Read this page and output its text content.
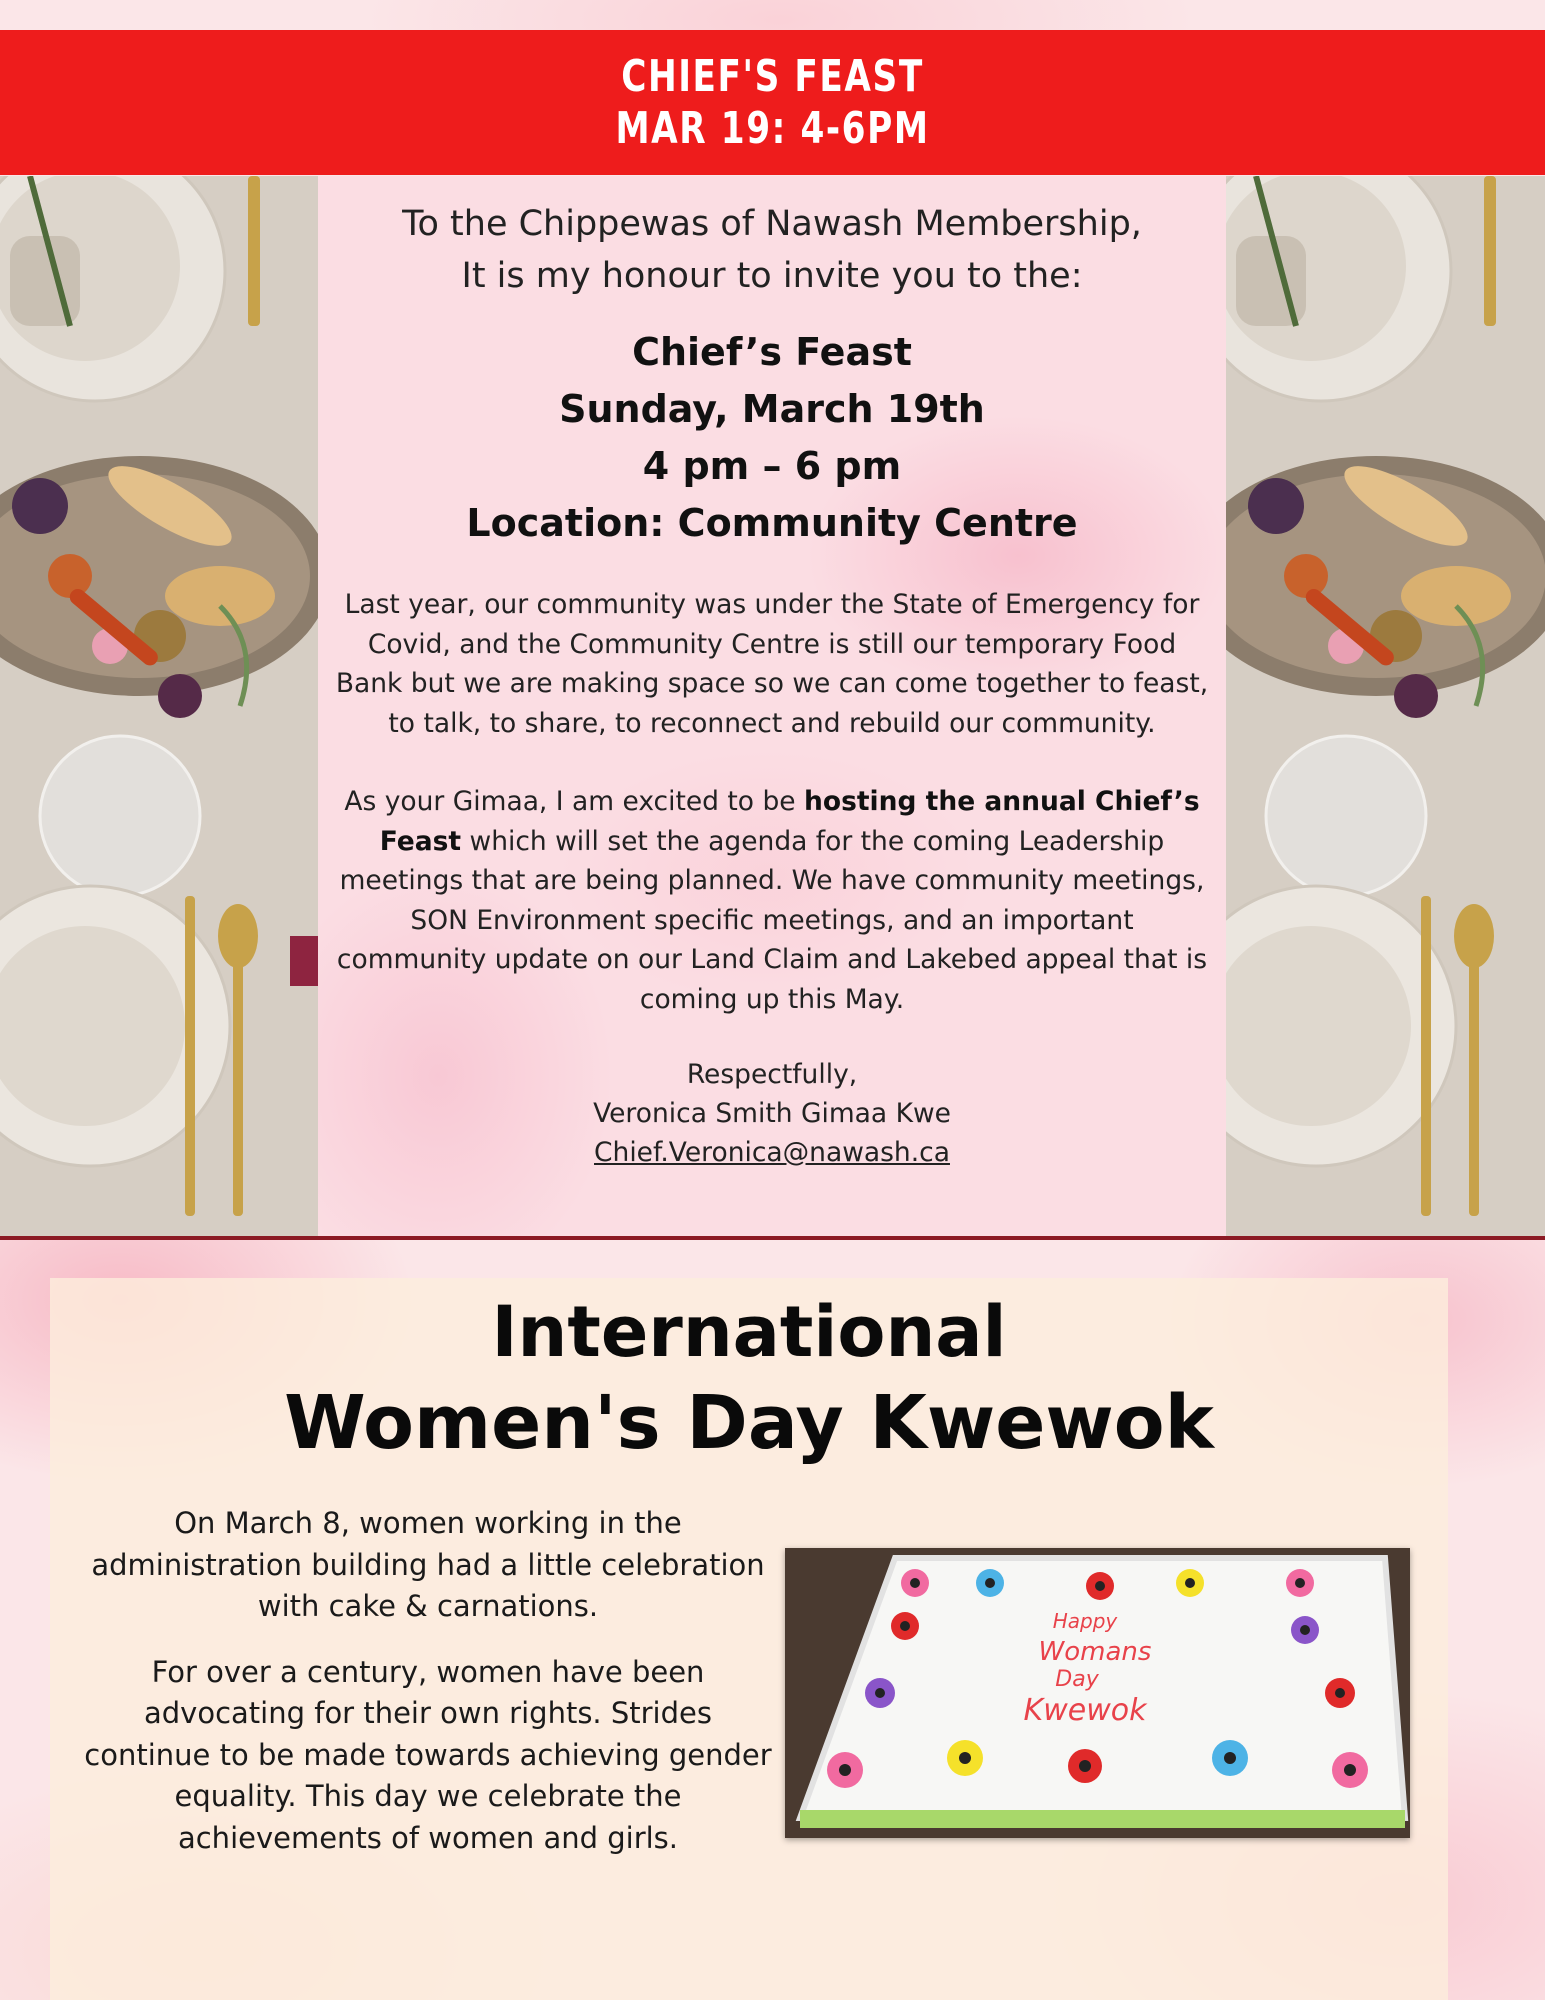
CHIEF'S FEAST
MAR 19: 4-6PM
To the Chippewas of Nawash Membership,
It is my honour to invite you to the:
Chief’s Feast
Sunday, March 19th
4 pm – 6 pm
Location: Community Centre

Last year, our community was under the State of Emergency for Covid, and the Community Centre is still our temporary Food Bank but we are making space so we can come together to feast, to talk, to share, to reconnect and rebuild our community.

As your Gimaa, I am excited to be hosting the annual Chief’s Feast which will set the agenda for the coming Leadership meetings that are being planned. We have community meetings, SON Environment specific meetings, and an important community update on our Land Claim and Lakebed appeal that is coming up this May.

Respectfully,
Veronica Smith Gimaa Kwe
Chief.Veronica@nawash.ca
International
Women's Day Kwewok

On March 8, women working in the administration building had a little celebration with cake & carnations.

For over a century, women have been advocating for their own rights. Strides continue to be made towards achieving gender equality. This day we celebrate the achievements of women and girls.

Happy
Womans
Day
Kwewok
